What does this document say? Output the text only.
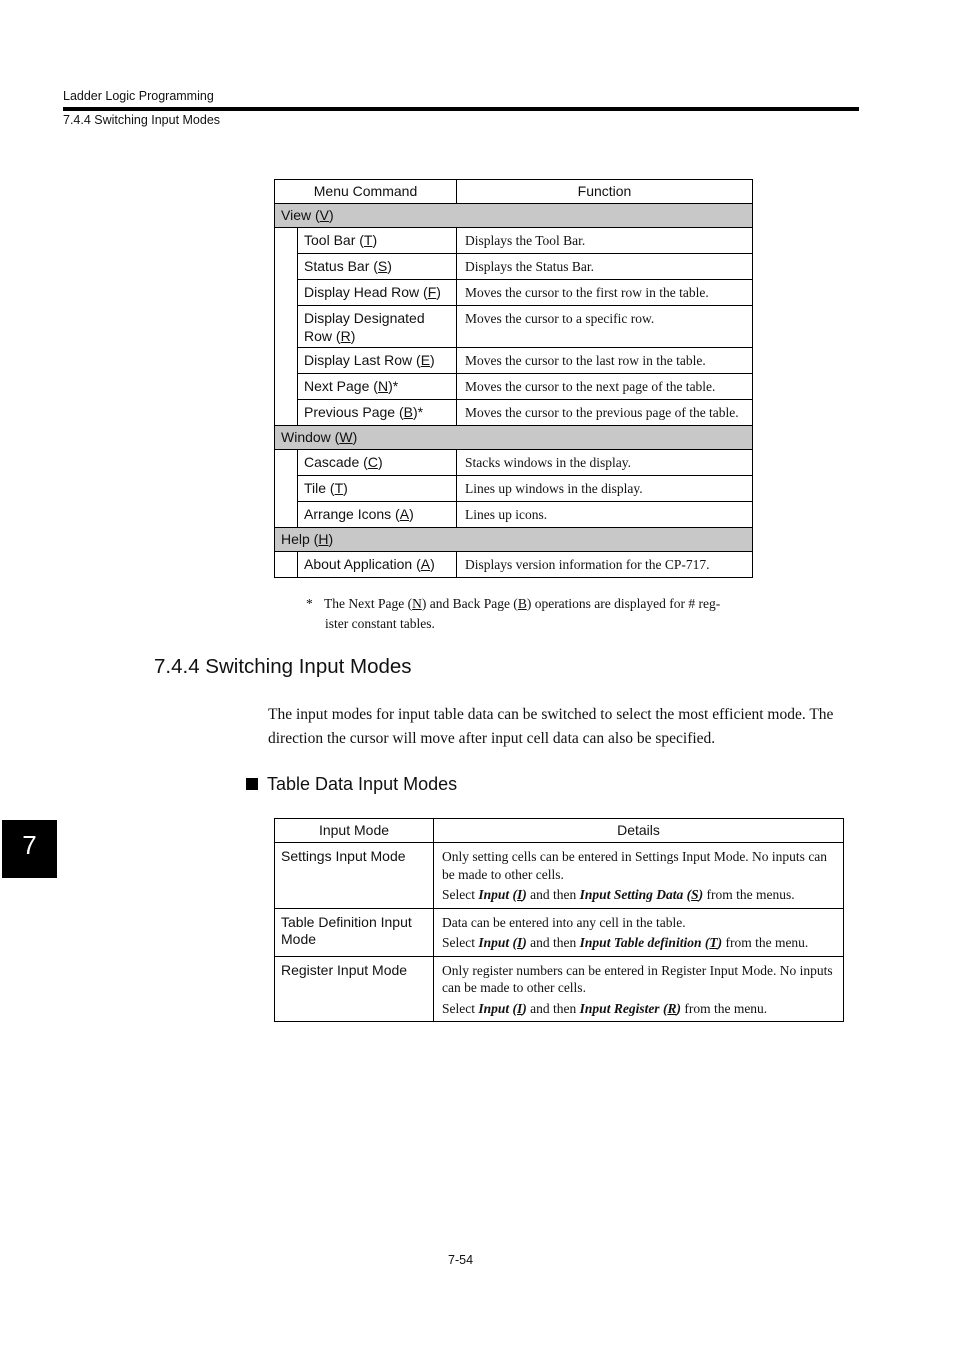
Ladder Logic Programming
7.4.4 Switching Input Modes
Menu Command		Function
View (V)		
	Tool Bar (T)	Displays the Tool Bar.
	Status Bar (S)	Displays the Status Bar.
	Display Head Row (F)	Moves the cursor to the first row in the table.
	Display Designated Row (R)	Moves the cursor to a specific row.
	Display Last Row (E)	Moves the cursor to the last row in the table.
	Next Page (N)*	Moves the cursor to the next page of the table.
	Previous Page (B)*	Moves the cursor to the previous page of the table.
Window (W)		
	Cascade (C)	Stacks windows in the display.
	Tile (T)	Lines up windows in the display.
	Arrange Icons (A)	Lines up icons.
Help (H)		
	About Application (A)	Displays version information for the CP-717.
* The Next Page (N) and Back Page (B) operations are displayed for # reg-
ister constant tables.
7.4.4 Switching Input Modes
The input modes for input table data can be switched to select the most efficient mode. The direction the cursor will move after input cell data can also be specified.
Table Data Input Modes
Input Mode	Details
Settings Input Mode	Only setting cells can be entered in Settings Input Mode. No inputs can be made to other cells.
Select Input (I) and then Input Setting Data (S) from the menus.

Table Definition Input Mode	Data can be entered into any cell in the table.
Select Input (I) and then Input Table definition (T) from the menu.

Register Input Mode	Only register numbers can be entered in Register Input Mode. No inputs can be made to other cells.
Select Input (I) and then Input Register (R) from the menu.
7
7-54
